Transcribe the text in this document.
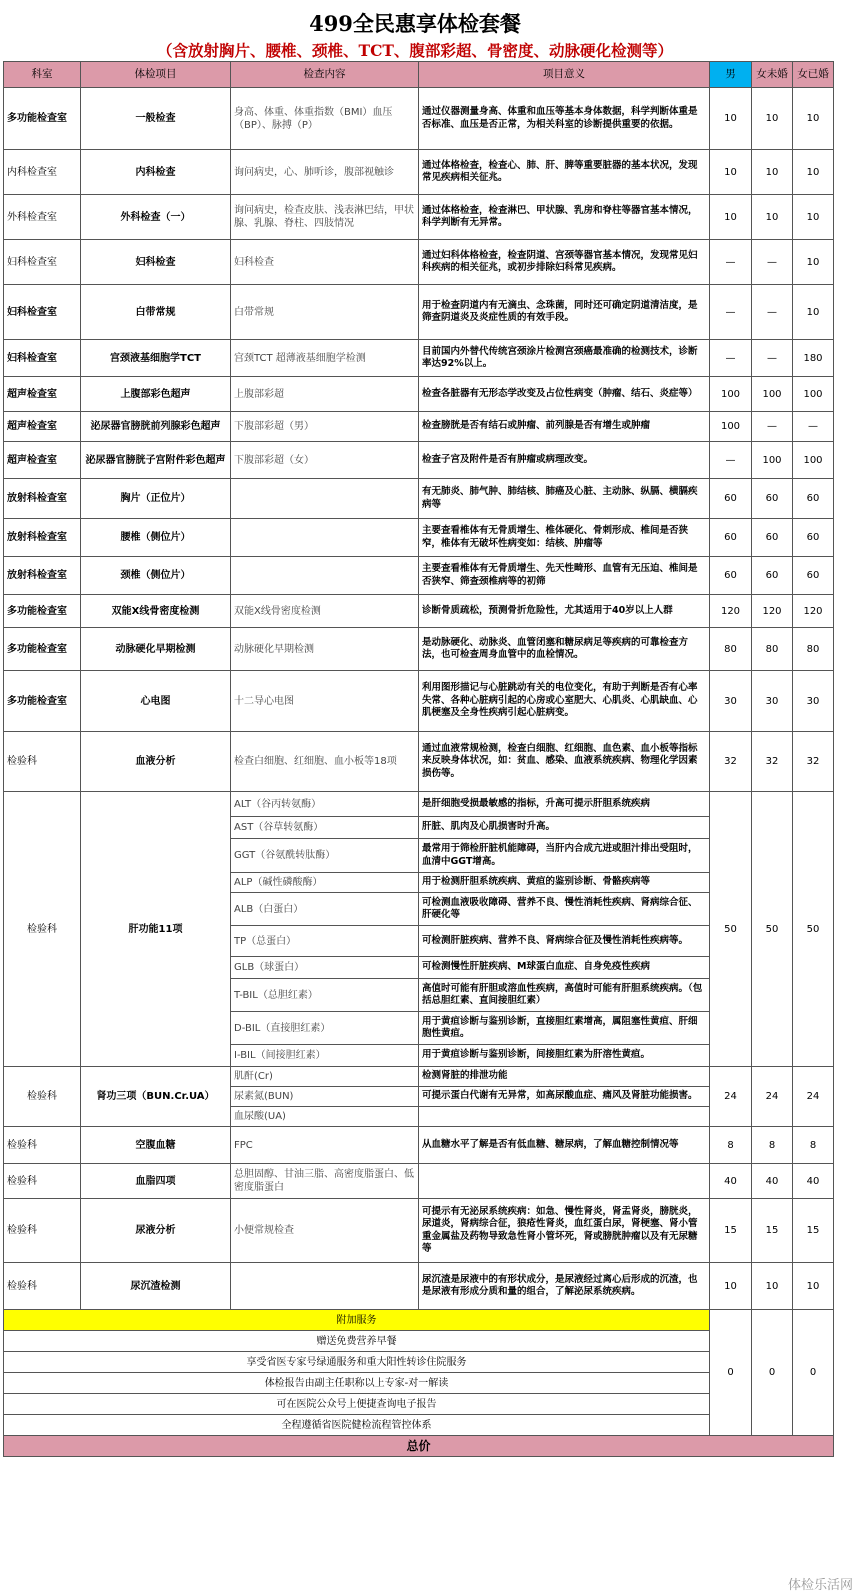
499全民惠享体检套餐
（含放射胸片、腰椎、颈椎、TCT、腹部彩超、骨密度、动脉硬化检测等）
科室	体检项目	检查内容	项目意义	男	女未婚	女已婚
多功能检查室	一般检查	身高、体重、体重指数（BMI）血压（BP）、脉搏（P）	通过仪器测量身高、体重和血压等基本身体数据，科学判断体重是否标准、血压是否正常，为相关科室的诊断提供重要的依据。	10	10	10
内科检查室	内科检查	询问病史，心、肺听诊，腹部视触诊	通过体格检查，检查心、肺、肝、脾等重要脏器的基本状况，发现常见疾病相关征兆。	10	10	10
外科检查室	外科检查（一）	询问病史，检查皮肤、浅表淋巴结，甲状腺、乳腺、脊柱、四肢情况	通过体格检查，检查淋巴、甲状腺、乳房和脊柱等器官基本情况，科学判断有无异常。	10	10	10
妇科检查室	妇科检查	妇科检查	通过妇科体格检查，检查阴道、宫颈等器官基本情况，发现常见妇科疾病的相关征兆，或初步排除妇科常见疾病。	—	—	10
妇科检查室	白带常规	白带常规	用于检查阴道内有无滴虫、念珠菌，同时还可确定阴道清洁度，是筛查阴道炎及炎症性质的有效手段。	—	—	10
妇科检查室	宫颈液基细胞学TCT	宫颈TCT 超薄液基细胞学检测	目前国内外替代传统宫颈涂片检测宫颈癌最准确的检测技术，诊断率达92%以上。	—	—	180
超声检查室	上腹部彩色超声	上腹部彩超	检查各脏器有无形态学改变及占位性病变（肿瘤、结石、炎症等）	100	100	100
超声检查室	泌尿器官膀胱前列腺彩色超声	下腹部彩超（男）	检查膀胱是否有结石或肿瘤、前列腺是否有增生或肿瘤	100	—	—
超声检查室	泌尿器官膀胱子宫附件彩色超声	下腹部彩超（女）	检查子宫及附件是否有肿瘤或病理改变。	—	100	100
放射科检查室	胸片（正位片）		有无肺炎、肺气肿、肺结核、肺癌及心脏、主动脉、纵膈、横膈疾病等	60	60	60
放射科检查室	腰椎（侧位片）		主要查看椎体有无骨质增生、椎体硬化、骨刺形成、椎间是否狭窄，椎体有无破坏性病变如：结核、肿瘤等	60	60	60
放射科检查室	颈椎（侧位片）		主要查看椎体有无骨质增生、先天性畸形、血管有无压迫、椎间是否狭窄、筛查颈椎病等的初筛	60	60	60
多功能检查室	双能X线骨密度检测	双能X线骨密度检测	诊断骨质疏松，预测骨折危险性，尤其适用于40岁以上人群	120	120	120
多功能检查室	动脉硬化早期检测	动脉硬化早期检测	是动脉硬化、动脉炎、血管闭塞和糖尿病足等疾病的可靠检查方法，也可检查周身血管中的血栓情况。	80	80	80
多功能检查室	心电图	十二导心电图	利用图形描记与心脏跳动有关的电位变化，有助于判断是否有心率失常、各种心脏病引起的心房或心室肥大、心肌炎、心肌缺血、心肌梗塞及全身性疾病引起心脏病变。	30	30	30
检验科	血液分析	检查白细胞、红细胞、血小板等18项	通过血液常规检测，检查白细胞、红细胞、血色素、血小板等指标来反映身体状况，如：贫血、感染、血液系统疾病、物理化学因素损伤等。	32	32	32
检验科	肝功能11项	ALT（谷丙转氨酶）	是肝细胞受损最敏感的指标，升高可提示肝胆系统疾病	50	50	50
		AST（谷草转氨酶）	肝脏、肌肉及心肌损害时升高。			
		GGT（谷氨酰转肽酶）	最常用于筛检肝脏机能障碍，当肝内合成亢进或胆汁排出受阻时，血清中GGT增高。			
		ALP（碱性磷酸酶）	用于检测肝胆系统疾病、黄疸的鉴别诊断、骨骼疾病等			
		ALB（白蛋白）	可检测血液吸收障碍、营养不良、慢性消耗性疾病、肾病综合征、肝硬化等			
		TP（总蛋白）	可检测肝脏疾病、营养不良、肾病综合征及慢性消耗性疾病等。			
		GLB（球蛋白）	可检测慢性肝脏疾病、M球蛋白血症、自身免疫性疾病			
		T-BIL（总胆红素）	高值时可能有肝胆或溶血性疾病，高值时可能有肝胆系统疾病。（包括总胆红素、直间接胆红素）			
		D-BIL（直接胆红素）	用于黄疸诊断与鉴别诊断，直接胆红素增高，属阻塞性黄疸、肝细胞性黄疸。			
		I-BIL（间接胆红素）	用于黄疸诊断与鉴别诊断，间接胆红素为肝溶性黄疸。			
检验科	肾功三项（BUN.Cr.UA）	肌酐(Cr)	检测肾脏的排泄功能	24	24	24
		尿素氮(BUN)	可提示蛋白代谢有无异常，如高尿酸血症、痛风及肾脏功能损害。			
		血尿酸(UA)				
检验科	空腹血糖	FPC	从血糖水平了解是否有低血糖、糖尿病，了解血糖控制情况等	8	8	8
检验科	血脂四项	总胆固醇、甘油三脂、高密度脂蛋白、低密度脂蛋白		40	40	40
检验科	尿液分析	小便常规检查	可提示有无泌尿系统疾病：如急、慢性肾炎，肾盂肾炎，膀胱炎，尿道炎，肾病综合征，狼疮性肾炎，血红蛋白尿，肾梗塞、肾小管重金属盐及药物导致急性肾小管坏死，肾或膀胱肿瘤以及有无尿糖等	15	15	15
检验科	尿沉渣检测		尿沉渣是尿液中的有形状成分，是尿液经过离心后形成的沉渣，也是尿液有形成分质和量的组合，了解泌尿系统疾病。	10	10	10
附加服务				0	0	0
赠送免费营养早餐						
享受省医专家号绿通服务和重大阳性转诊住院服务						
体检报告由副主任职称以上专家-对一解读						
可在医院公众号上便捷查询电子报告						
全程遵循省医院健检流程管控体系						
总价						
体检乐活网
